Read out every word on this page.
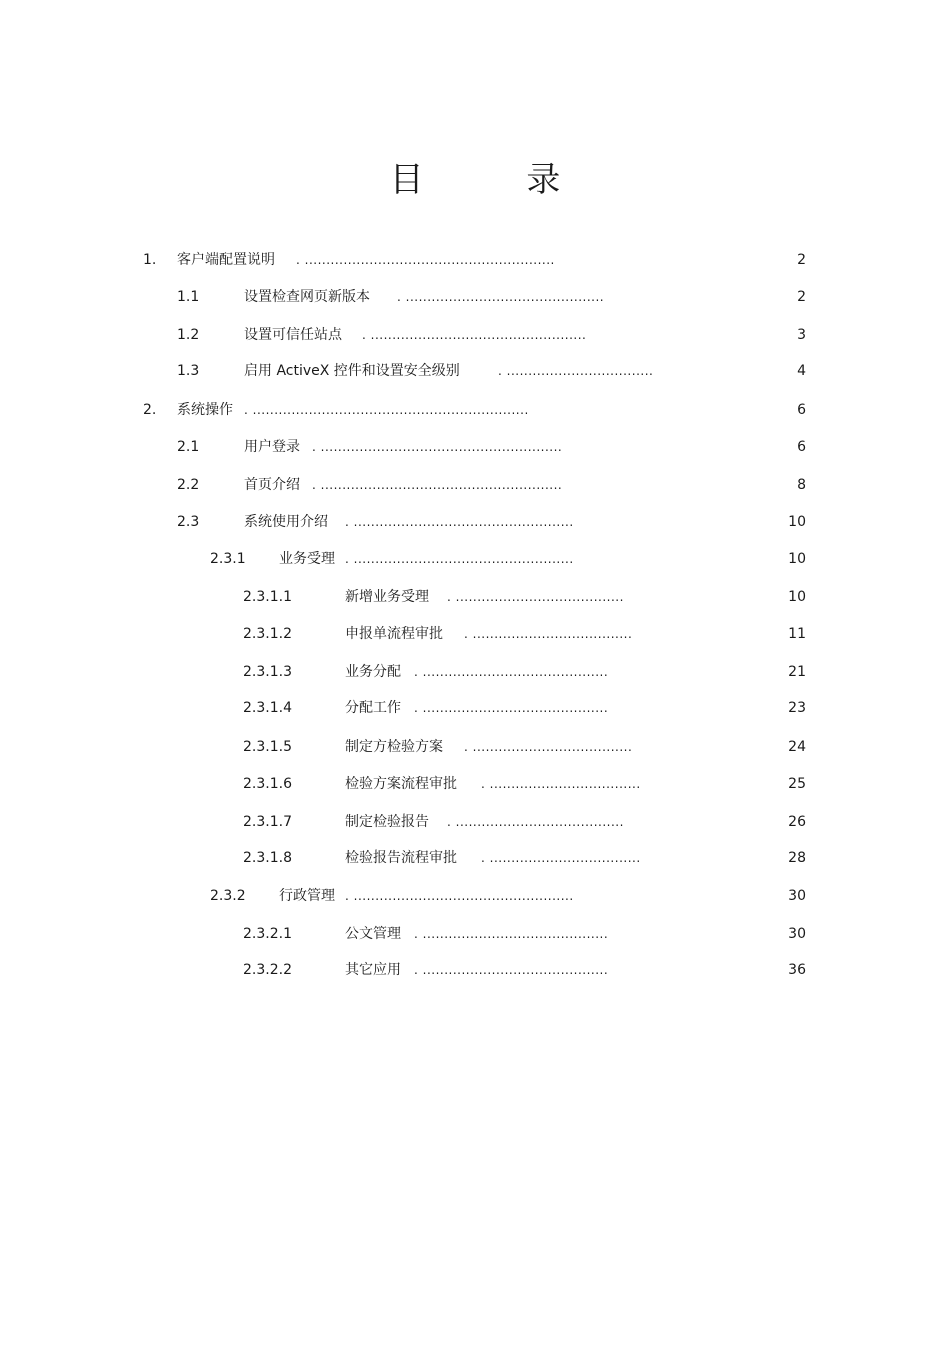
目 录
1. 客户端配置说明 . ..........................................................	2
1.1	设置检查网页新版本 . ..............................................	2
1.2	设置可信任站点 . ..................................................	3
1.3	启用 ActiveX 控件和设置安全级别	. ..................................	4
2. 系统操作 . ................................................................	6
2.1	用户登录 . ........................................................	6
2.2	首页介绍 . ........................................................	8
2.3	系统使用介绍 . ...................................................	10
2.3.1 业务受理 . ...................................................	10
2.3.1.1	新增业务受理 . .......................................	10
2.3.1.2	申报单流程审批 . .....................................	11
2.3.1.3	业务分配 . ...........................................	21
2.3.1.4	分配工作 . ...........................................	23
2.3.1.5	制定方检验方案 . .....................................	24
2.3.1.6	检验方案流程审批 . ...................................	25
2.3.1.7	制定检验报告 . .......................................	26
2.3.1.8	检验报告流程审批 . ...................................	28
2.3.2 行政管理 . ...................................................	30
2.3.2.1	公文管理 . ...........................................	30
2.3.2.2	其它应用 . ...........................................	36
